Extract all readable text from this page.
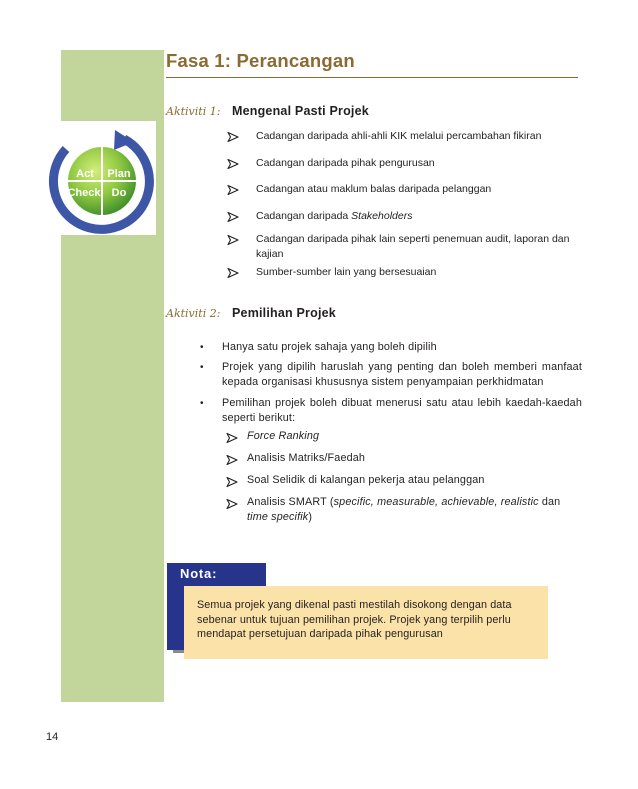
Act Plan
Check Do
Fasa 1: Perancangan
Aktiviti 1: Mengenal Pasti Projek
Cadangan daripada ahli-ahli KIK melalui percambahan fikiran
Cadangan daripada pihak pengurusan
Cadangan atau maklum balas daripada pelanggan
Cadangan daripada Stakeholders
Cadangan daripada pihak lain seperti penemuan audit, laporan dan
kajian
Sumber-sumber lain yang bersesuaian
Aktiviti 2: Pemilihan Projek
• Hanya satu projek sahaja yang boleh dipilih
• Projek yang dipilih haruslah yang penting dan boleh memberi manfaat
kepada organisasi khususnya sistem penyampaian perkhidmatan
• Pemilihan projek boleh dibuat menerusi satu atau lebih kaedah-kaedah
seperti berikut:
Force Ranking
Analisis Matriks/Faedah
Soal Selidik di kalangan pekerja atau pelanggan
Analisis SMART (specific, measurable, achievable, realistic dan
time specifik)
Nota:
Semua projek yang dikenal pasti mestilah disokong dengan data
sebenar untuk tujuan pemilihan projek. Projek yang terpilih perlu
mendapat persetujuan daripada pihak pengurusan
14
